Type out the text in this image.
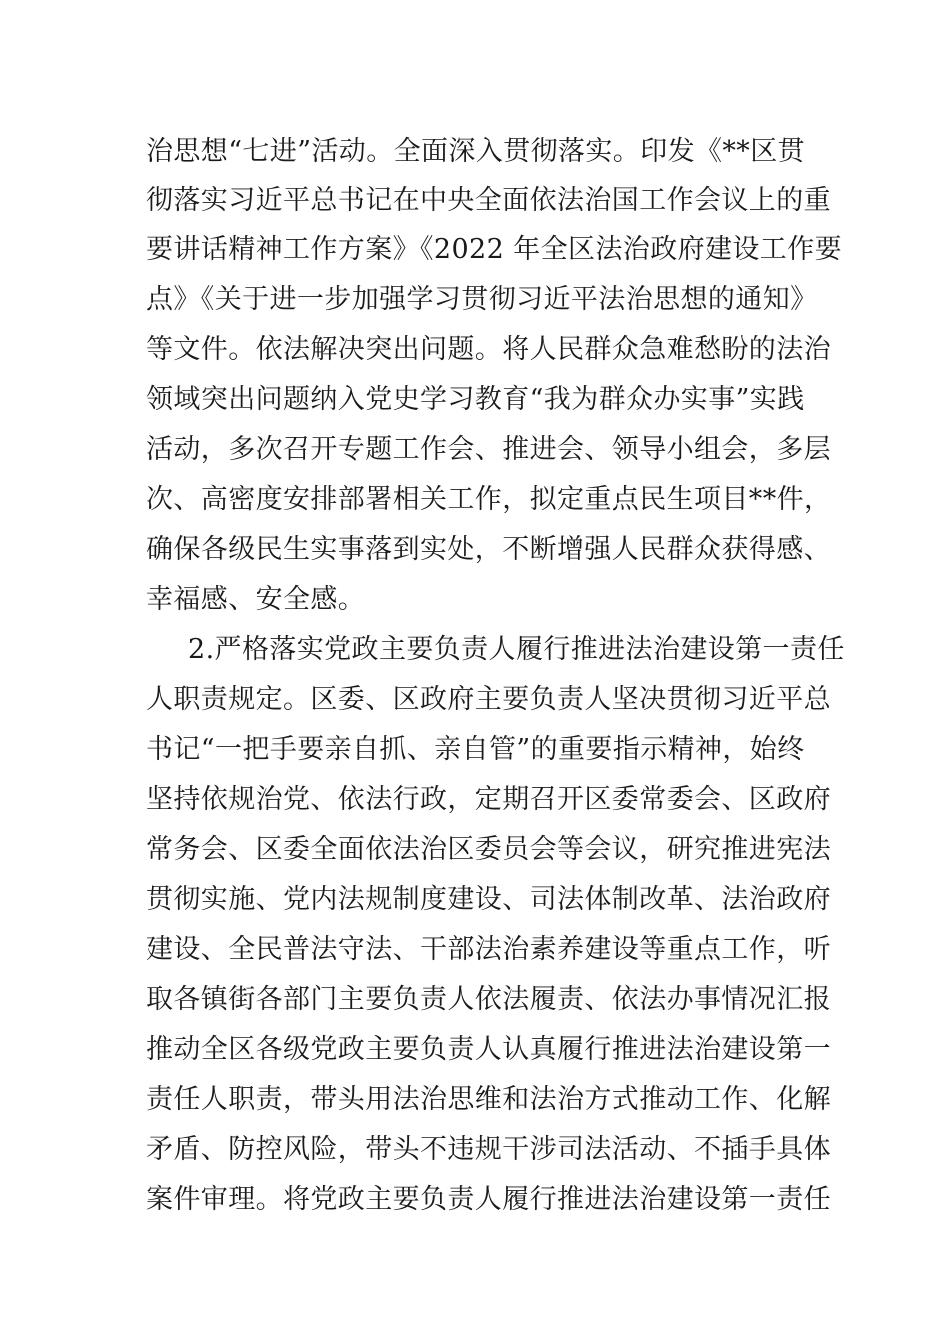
治思想“七进”活动。全面深入贯彻落实。印发《**区贯
彻落实习近平总书记在中央全面依法治国工作会议上的重
要讲话精神工作方案》《2022 年全区法治政府建设工作要
点》《关于进一步加强学习贯彻习近平法治思想的通知》
等文件。依法解决突出问题。将人民群众急难愁盼的法治
领域突出问题纳入党史学习教育“我为群众办实事”实践
活动，多次召开专题工作会、推进会、领导小组会，多层
次、高密度安排部署相关工作，拟定重点民生项目**件，
确保各级民生实事落到实处，不断增强人民群众获得感、
幸福感、安全感。
2.严格落实党政主要负责人履行推进法治建设第一责任
人职责规定。区委、区政府主要负责人坚决贯彻习近平总
书记“一把手要亲自抓、亲自管”的重要指示精神，始终
坚持依规治党、依法行政，定期召开区委常委会、区政府
常务会、区委全面依法治区委员会等会议，研究推进宪法
贯彻实施、党内法规制度建设、司法体制改革、法治政府
建设、全民普法守法、干部法治素养建设等重点工作，听
取各镇街各部门主要负责人依法履责、依法办事情况汇报
推动全区各级党政主要负责人认真履行推进法治建设第一
责任人职责，带头用法治思维和法治方式推动工作、化解
矛盾、防控风险，带头不违规干涉司法活动、不插手具体
案件审理。将党政主要负责人履行推进法治建设第一责任
